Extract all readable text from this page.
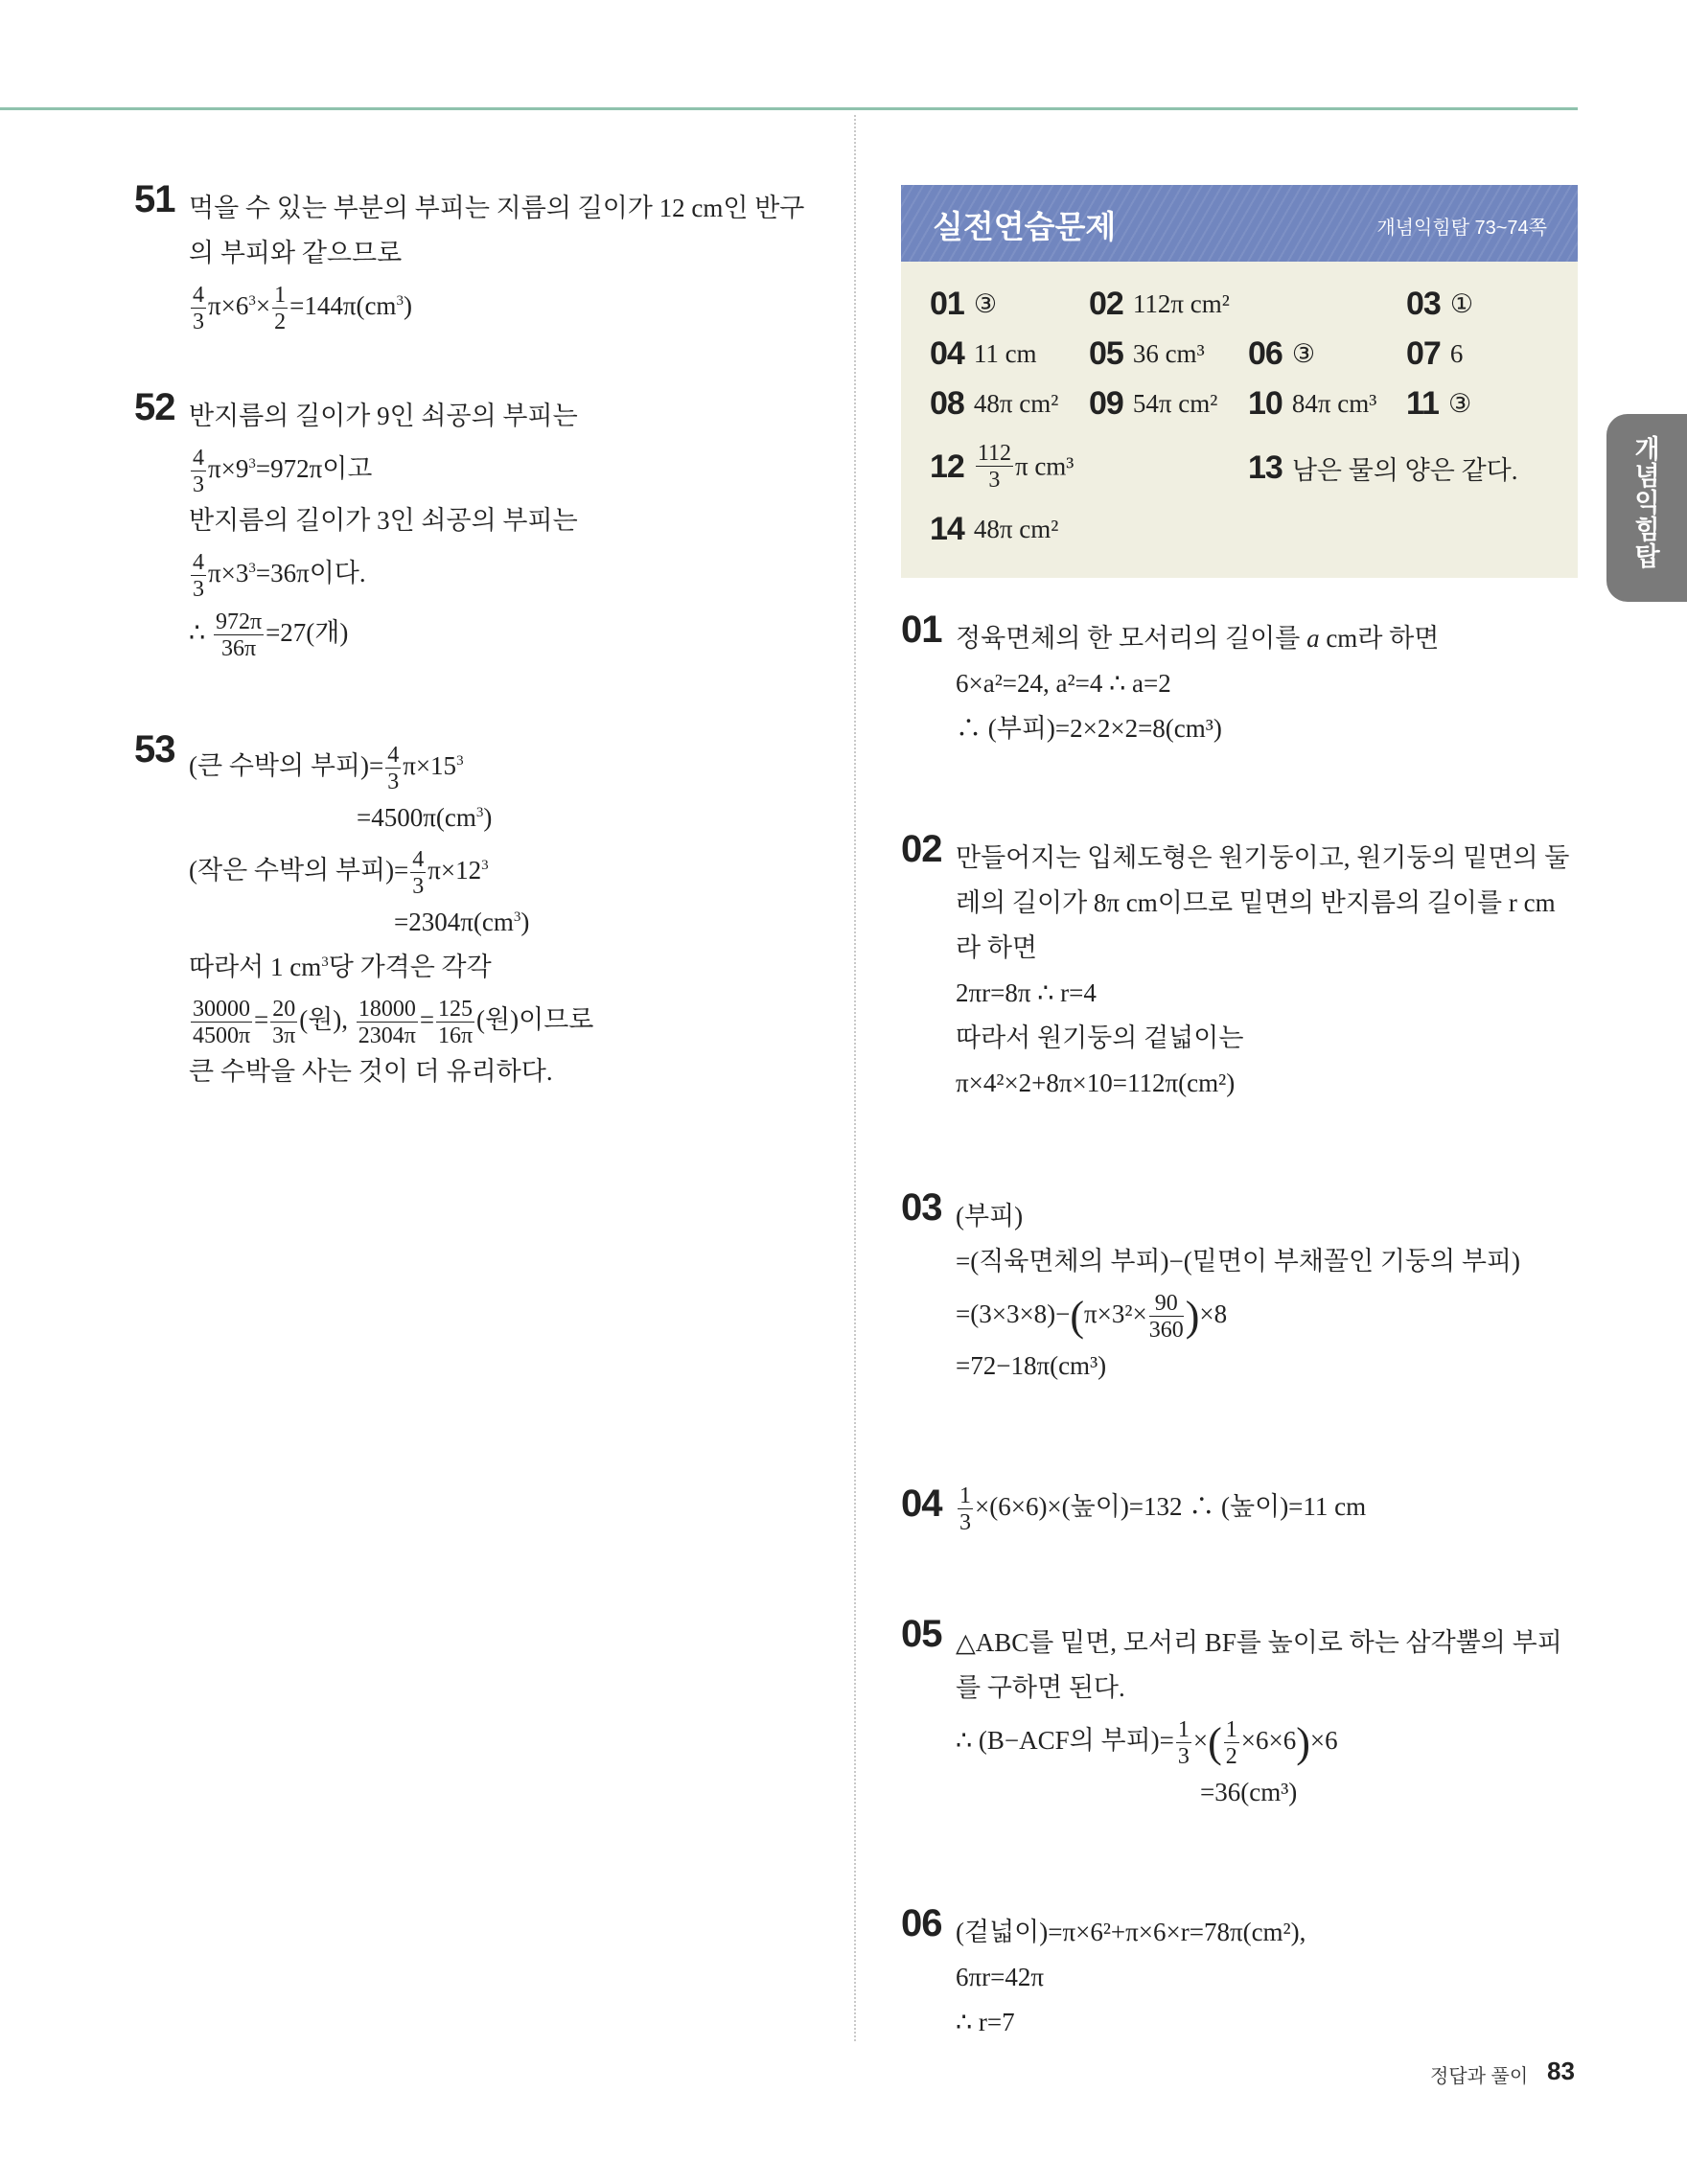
51 먹을 수 있는 부분의 부피는 지름의 길이가 12 cm인 반구
의 부피와 같으므로
$\frac{4}{3} \pi\times 6^3\times \frac{1}{2} =144\pi(cm^3)$
52 반지름의 길이가 9인 쇠공의 부피는
$\frac{4}{3} \pi\times 9^3=972\pi$이고
반지름의 길이가 3인 쇠공의 부피는
$\frac{4}{3} \pi\times 3^3=36\pi$이다.
∴ $\frac{972\pi}{36\pi} =27$(개)
53 (큰 수박의 부피)= $\frac{4}{3} \pi\times 15^3$
$=4500\pi(cm^3)$
(작은 수박의 부피)= $\frac{4}{3} \pi\times 12^3$
$=2304\pi(cm^3)$
따라서 1 $cm^3$당 가격은 각각
$\frac{30000}{4500\pi} = \frac{20}{3\pi}$ (원), $\frac{18000}{2304\pi} = \frac{125}{16\pi}$ (원)이므로
큰 수박을 사는 것이 더 유리하다.
실전연습문제	개념익힘탑 73~74쪽
01 ③	02 112π cm²	03 ①
04 11 cm 05 36 cm³ 06 ③	07 6
08 48π cm² 09 54π cm² 10 84π cm³ 11 ③
$12 \frac{112}{3}$ π cm³	13 남은 물의 양은 같다.
14 48π cm²
01 정육면체의 한 모서리의 길이를 a cm라 하면
6×a²=24, a²=4 ∴ a=2
∴ (부피)=2×2×2=8(cm³)
02 만들어지는 입체도형은 원기둥이고, 원기둥의 밑면의 둘
레의 길이가 8π cm이므로 밑면의 반지름의 길이를 r cm
라 하면
2πr=8π ∴ r=4
따라서 원기둥의 겉넓이는
π×4²×2+8π×10=112π(cm²)
03 (부피)
=(직육면체의 부피)−(밑면이 부채꼴인 기둥의 부피)
$=(3\times 3\times 8)-(\pi\times 3^2\times \frac{90}{360} )\times 8$
=72−18π(cm³)
$04 \frac{1}{3} \times(6\times 6)\times$(높이)=132 ∴ (높이)=11 cm
05 △ABC를 밑면, 모서리 BF를 높이로 하는 삼각뿔의 부피
를 구하면 된다.
∴ (B−ACF의 부피)= $\frac{1}{3}$ ×( $\frac{1}{2} \times 6\times 6)\times 6$
=36(cm³)
06 (겉넓이)=π×6²+π×6×r=78π(cm²),
6πr=42π
∴ r=7
개념익힘탑
정답과 풀이 83
